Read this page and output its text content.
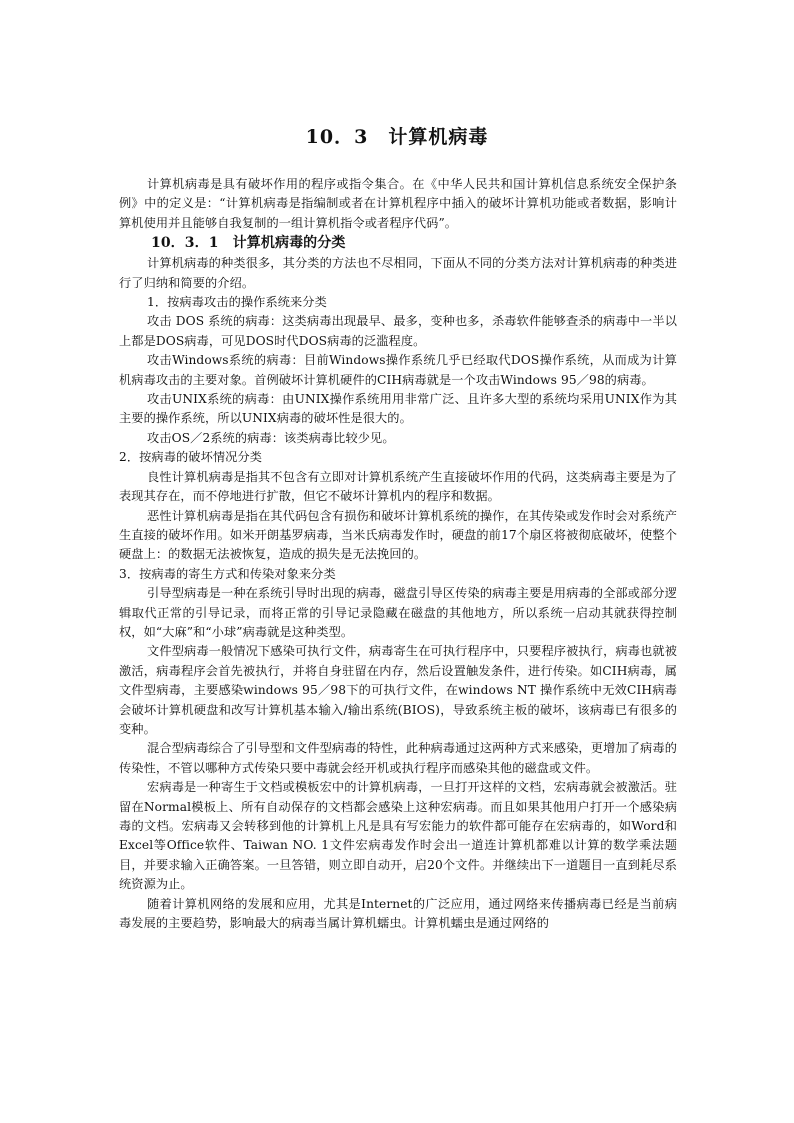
10．3　计算机病毒

计算机病毒是具有破坏作用的程序或指令集合。在《中华人民共和国计算机信息系统安全保护条例》中的定义是：“计算机病毒是指编制或者在计算机程序中插入的破坏计算机功能或者数据，影响计算机使用并且能够自我复制的一组计算机指令或者程序代码”。

10．3．1　计算机病毒的分类

计算机病毒的种类很多，其分类的方法也不尽相同，下面从不同的分类方法对计算机病毒的种类进行了归纳和简要的介绍。

1．按病毒攻击的操作系统来分类

攻击 DOS 系统的病毒：这类病毒出现最早、最多，变种也多，杀毒软件能够查杀的病毒中一半以上都是DOS病毒，可见DOS时代DOS病毒的泛滥程度。

攻击Windows系统的病毒：目前Windows操作系统几乎已经取代DOS操作系统，从而成为计算机病毒攻击的主要对象。首例破坏计算机硬件的CIH病毒就是一个攻击Windows 95／98的病毒。

攻击UNIX系统的病毒：由UNIX操作系统用用非常广泛、且许多大型的系统均采用UNIX作为其主要的操作系统，所以UNIX病毒的破坏性是很大的。

攻击OS／2系统的病毒：该类病毒比较少见。

2．按病毒的破坏情况分类

良性计算机病毒是指其不包含有立即对计算机系统产生直接破坏作用的代码，这类病毒主要是为了表现其存在，而不停地进行扩散，但它不破坏计算机内的程序和数据。

恶性计算机病毒是指在其代码包含有损伤和破坏计算机系统的操作，在其传染或发作时会对系统产生直接的破坏作用。如米开朗基罗病毒，当米氏病毒发作时，硬盘的前17个扇区将被彻底破坏，使整个硬盘上：的数据无法被恢复，造成的损失是无法挽回的。

3．按病毒的寄生方式和传染对象来分类

引导型病毒是一种在系统引导时出现的病毒，磁盘引导区传染的病毒主要是用病毒的全部或部分逻辑取代正常的引导记录，而将正常的引导记录隐藏在磁盘的其他地方，所以系统一启动其就获得控制权，如“大麻”和“小球”病毒就是这种类型。

文件型病毒一般情况下感染可执行文件，病毒寄生在可执行程序中，只要程序被执行，病毒也就被激活，病毒程序会首先被执行，并将自身驻留在内存，然后设置触发条件，进行传染。如CIH病毒，属文件型病毒，主要感染windows 95／98下的可执行文件，在windows NT 操作系统中无效CIH病毒会破坏计算机硬盘和改写计算机基本输入/输出系统(BIOS)，导致系统主板的破坏，该病毒已有很多的变种。

混合型病毒综合了引导型和文件型病毒的特性，此种病毒通过这两种方式来感染，更增加了病毒的传染性，不管以哪种方式传染只要中毒就会经开机或执行程序而感染其他的磁盘或文件。

宏病毒是一种寄生于文档或模板宏中的计算机病毒，一旦打开这样的文档，宏病毒就会被激活。驻留在Normal模板上、所有自动保存的文档都会感染上这种宏病毒。而且如果其他用户打开一个感染病毒的文档。宏病毒又会转移到他的计算机上凡是具有写宏能力的软件都可能存在宏病毒的，如Word和Excel等Office软件、Taiwan NO. 1文件宏病毒发作时会出一道连计算机都难以计算的数学乘法题目，并要求输入正确答案。一旦答错，则立即自动开，启20个文件。并继续出下一道题目一直到耗尽系统资源为止。

随着计算机网络的发展和应用，尤其是Internet的广泛应用，通过网络来传播病毒已经是当前病毒发展的主要趋势，影响最大的病毒当属计算机蠕虫。计算机蠕虫是通过网络的
